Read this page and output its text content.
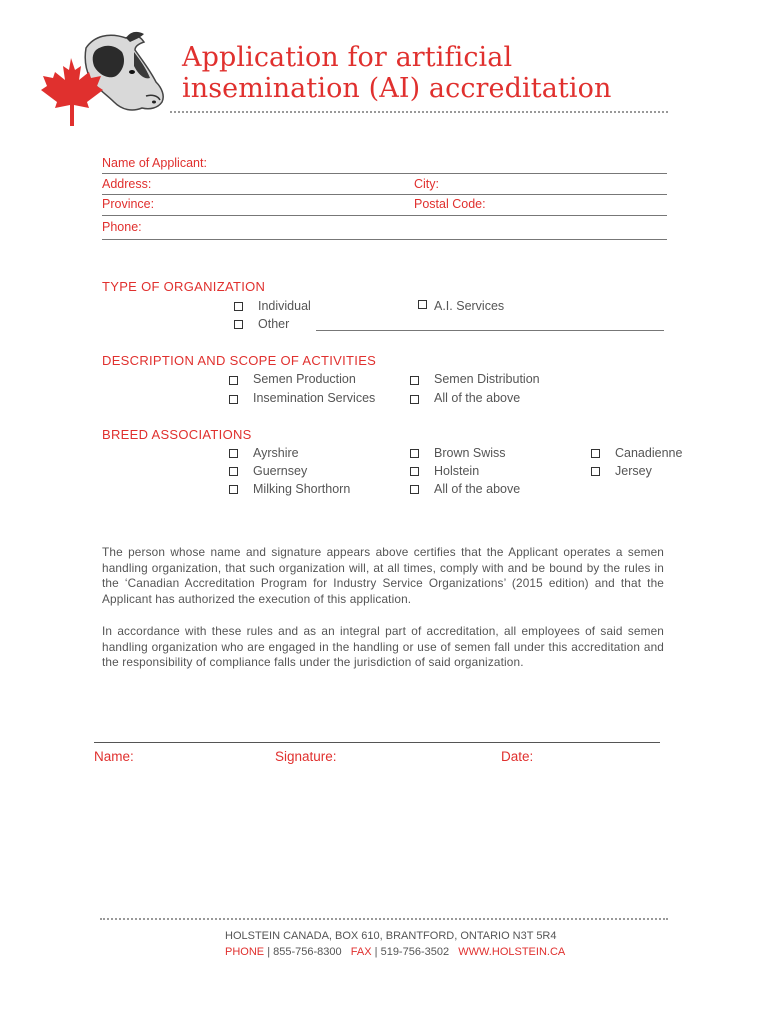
Application for artificial
insemination (AI) accreditation
Name of Applicant:
Address:	City:
Province:	Postal Code:
Phone:
TYPE OF ORGANIZATION
Individual	A.I. Services
Other
DESCRIPTION AND SCOPE OF ACTIVITIES
Semen Production	Semen Distribution
Insemination Services	All of the above
BREED ASSOCIATIONS
Ayrshire	Brown Swiss	Canadienne
Guernsey	Holstein	Jersey
Milking Shorthorn	All of the above
The person whose name and signature appears above certifies that the Applicant operates a semen handling organization, that such organization will, at all times, comply with and be bound by the rules in the ‘Canadian Accreditation Program for Industry Service Organizations’ (2015 edition) and that the Applicant has authorized the execution of this application.
In accordance with these rules and as an integral part of accreditation, all employees of said semen handling organization who are engaged in the handling or use of semen fall under this accreditation and the responsibility of compliance falls under the jurisdiction of said organization.
Name:	Signature:	Date:
HOLSTEIN CANADA, BOX 610, BRANTFORD, ONTARIO N3T 5R4
PHONE | 855-756-8300 FAX | 519-756-3502 WWW.HOLSTEIN.CA
